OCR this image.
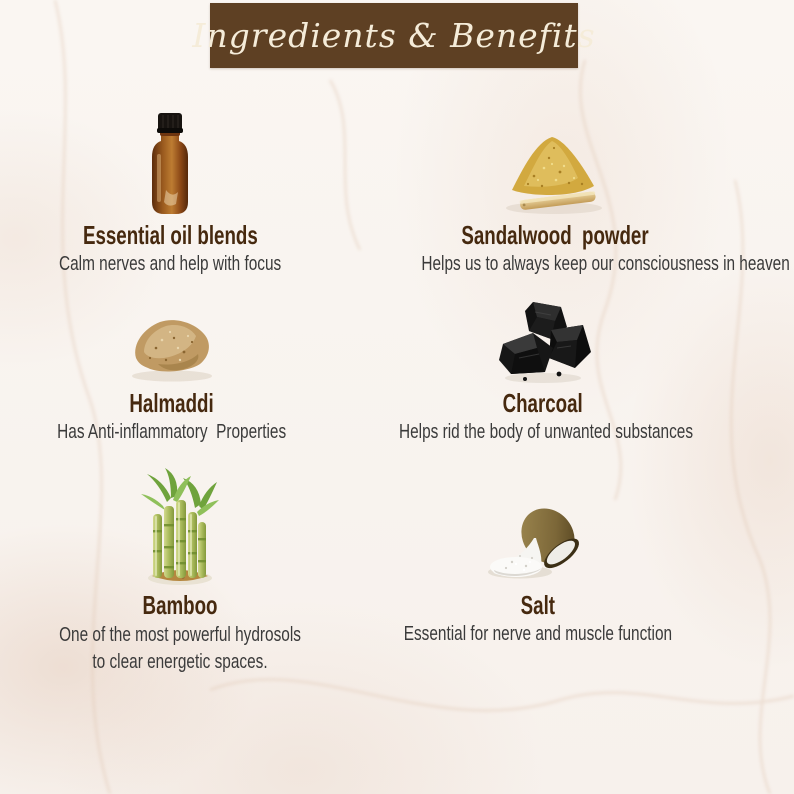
Ingredients & Benefits
Essential oil blends
Calm nerves and help with focus
Sandalwood  powder
Helps us to always keep our consciousness in heaven
Halmaddi
Has Anti-inflammatory  Properties
Charcoal
Helps rid the body of unwanted substances
Bamboo
One of the most powerful hydrosols to clear energetic spaces.
Salt
Essential for nerve and muscle function
